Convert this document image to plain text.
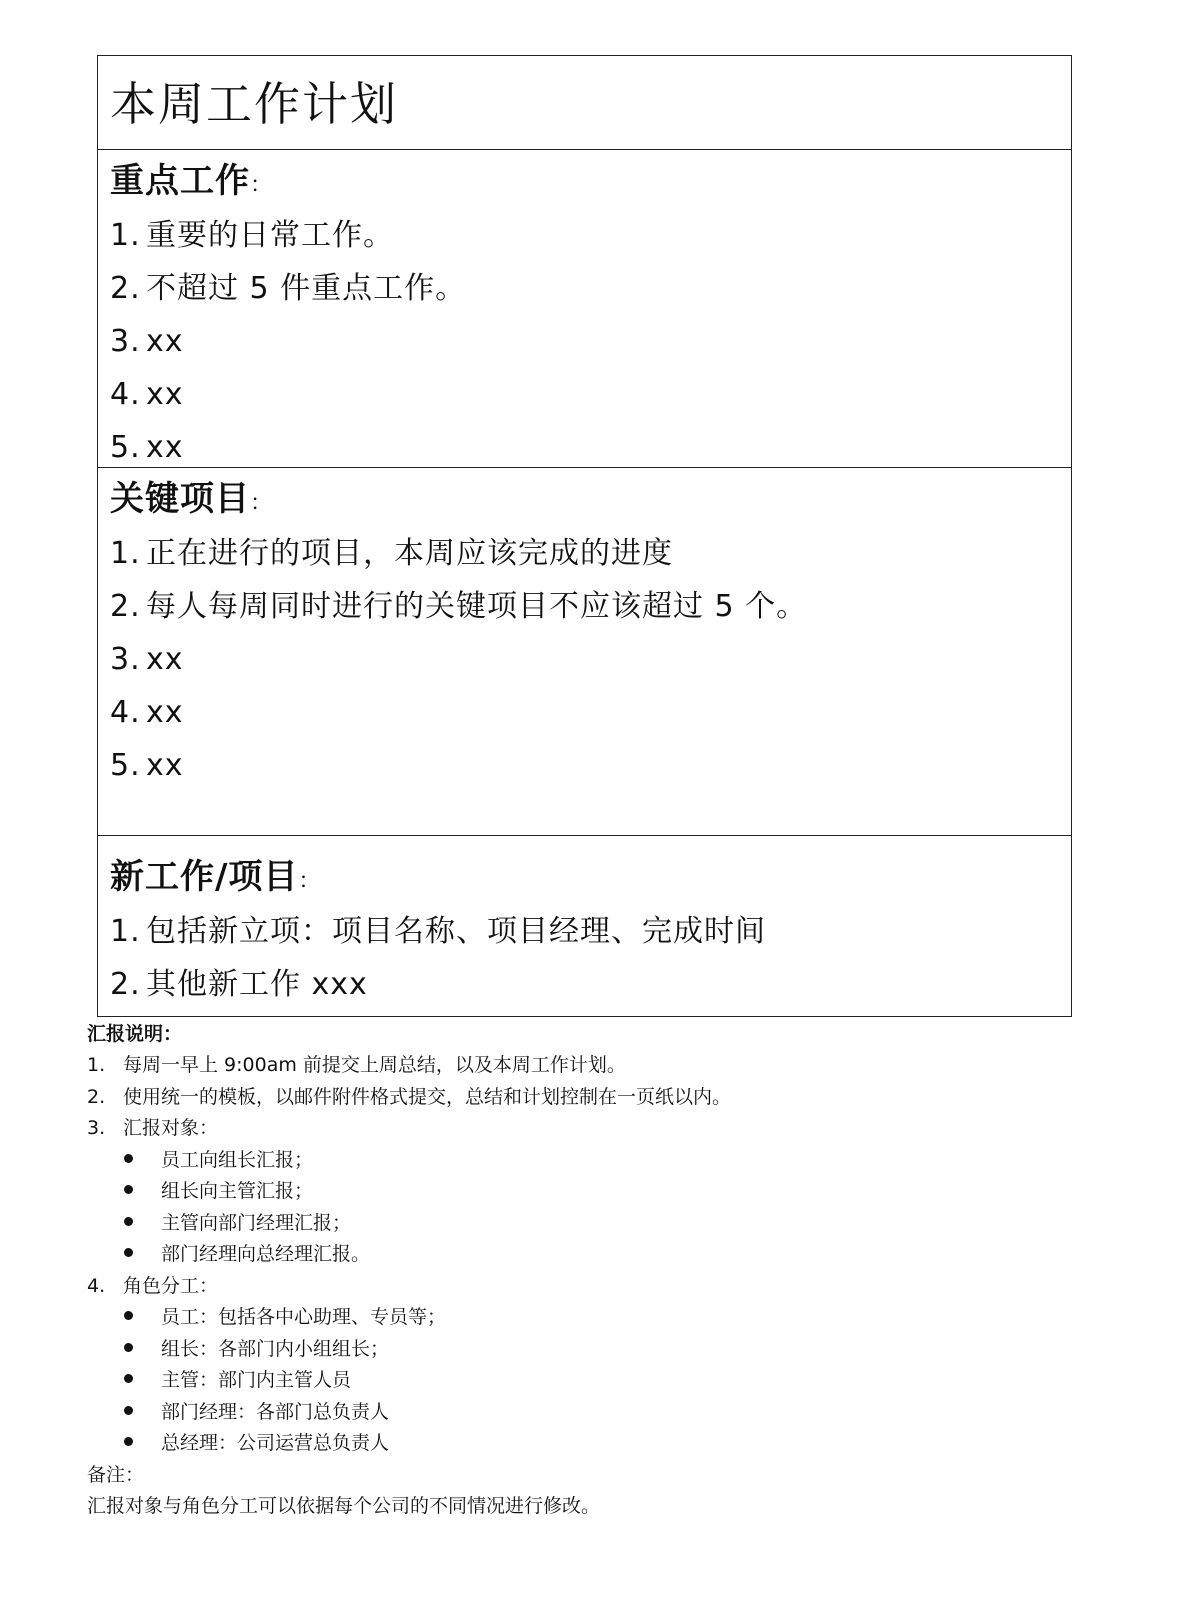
本周工作计划
重点工作：
1. 重要的日常工作。
2. 不超过 5 件重点工作。
3. xx
4. xx
5. xx
关键项目：
1. 正在进行的项目，本周应该完成的进度
2. 每人每周同时进行的关键项目不应该超过 5 个。
3. xx
4. xx
5. xx
新工作/项目：
1. 包括新立项：项目名称、项目经理、完成时间
2. 其他新工作 xxx

汇报说明：

1. 每周一早上 9:00am 前提交上周总结，以及本周工作计划。
2. 使用统一的模板，以邮件附件格式提交，总结和计划控制在一页纸以内。
3. 汇报对象：
员工向组长汇报；
组长向主管汇报；
主管向部门经理汇报；
部门经理向总经理汇报。
4. 角色分工：
员工：包括各中心助理、专员等；
组长：各部门内小组组长；
主管：部门内主管人员
部门经理：各部门总负责人
总经理：公司运营总负责人
备注：
汇报对象与角色分工可以依据每个公司的不同情况进行修改。
